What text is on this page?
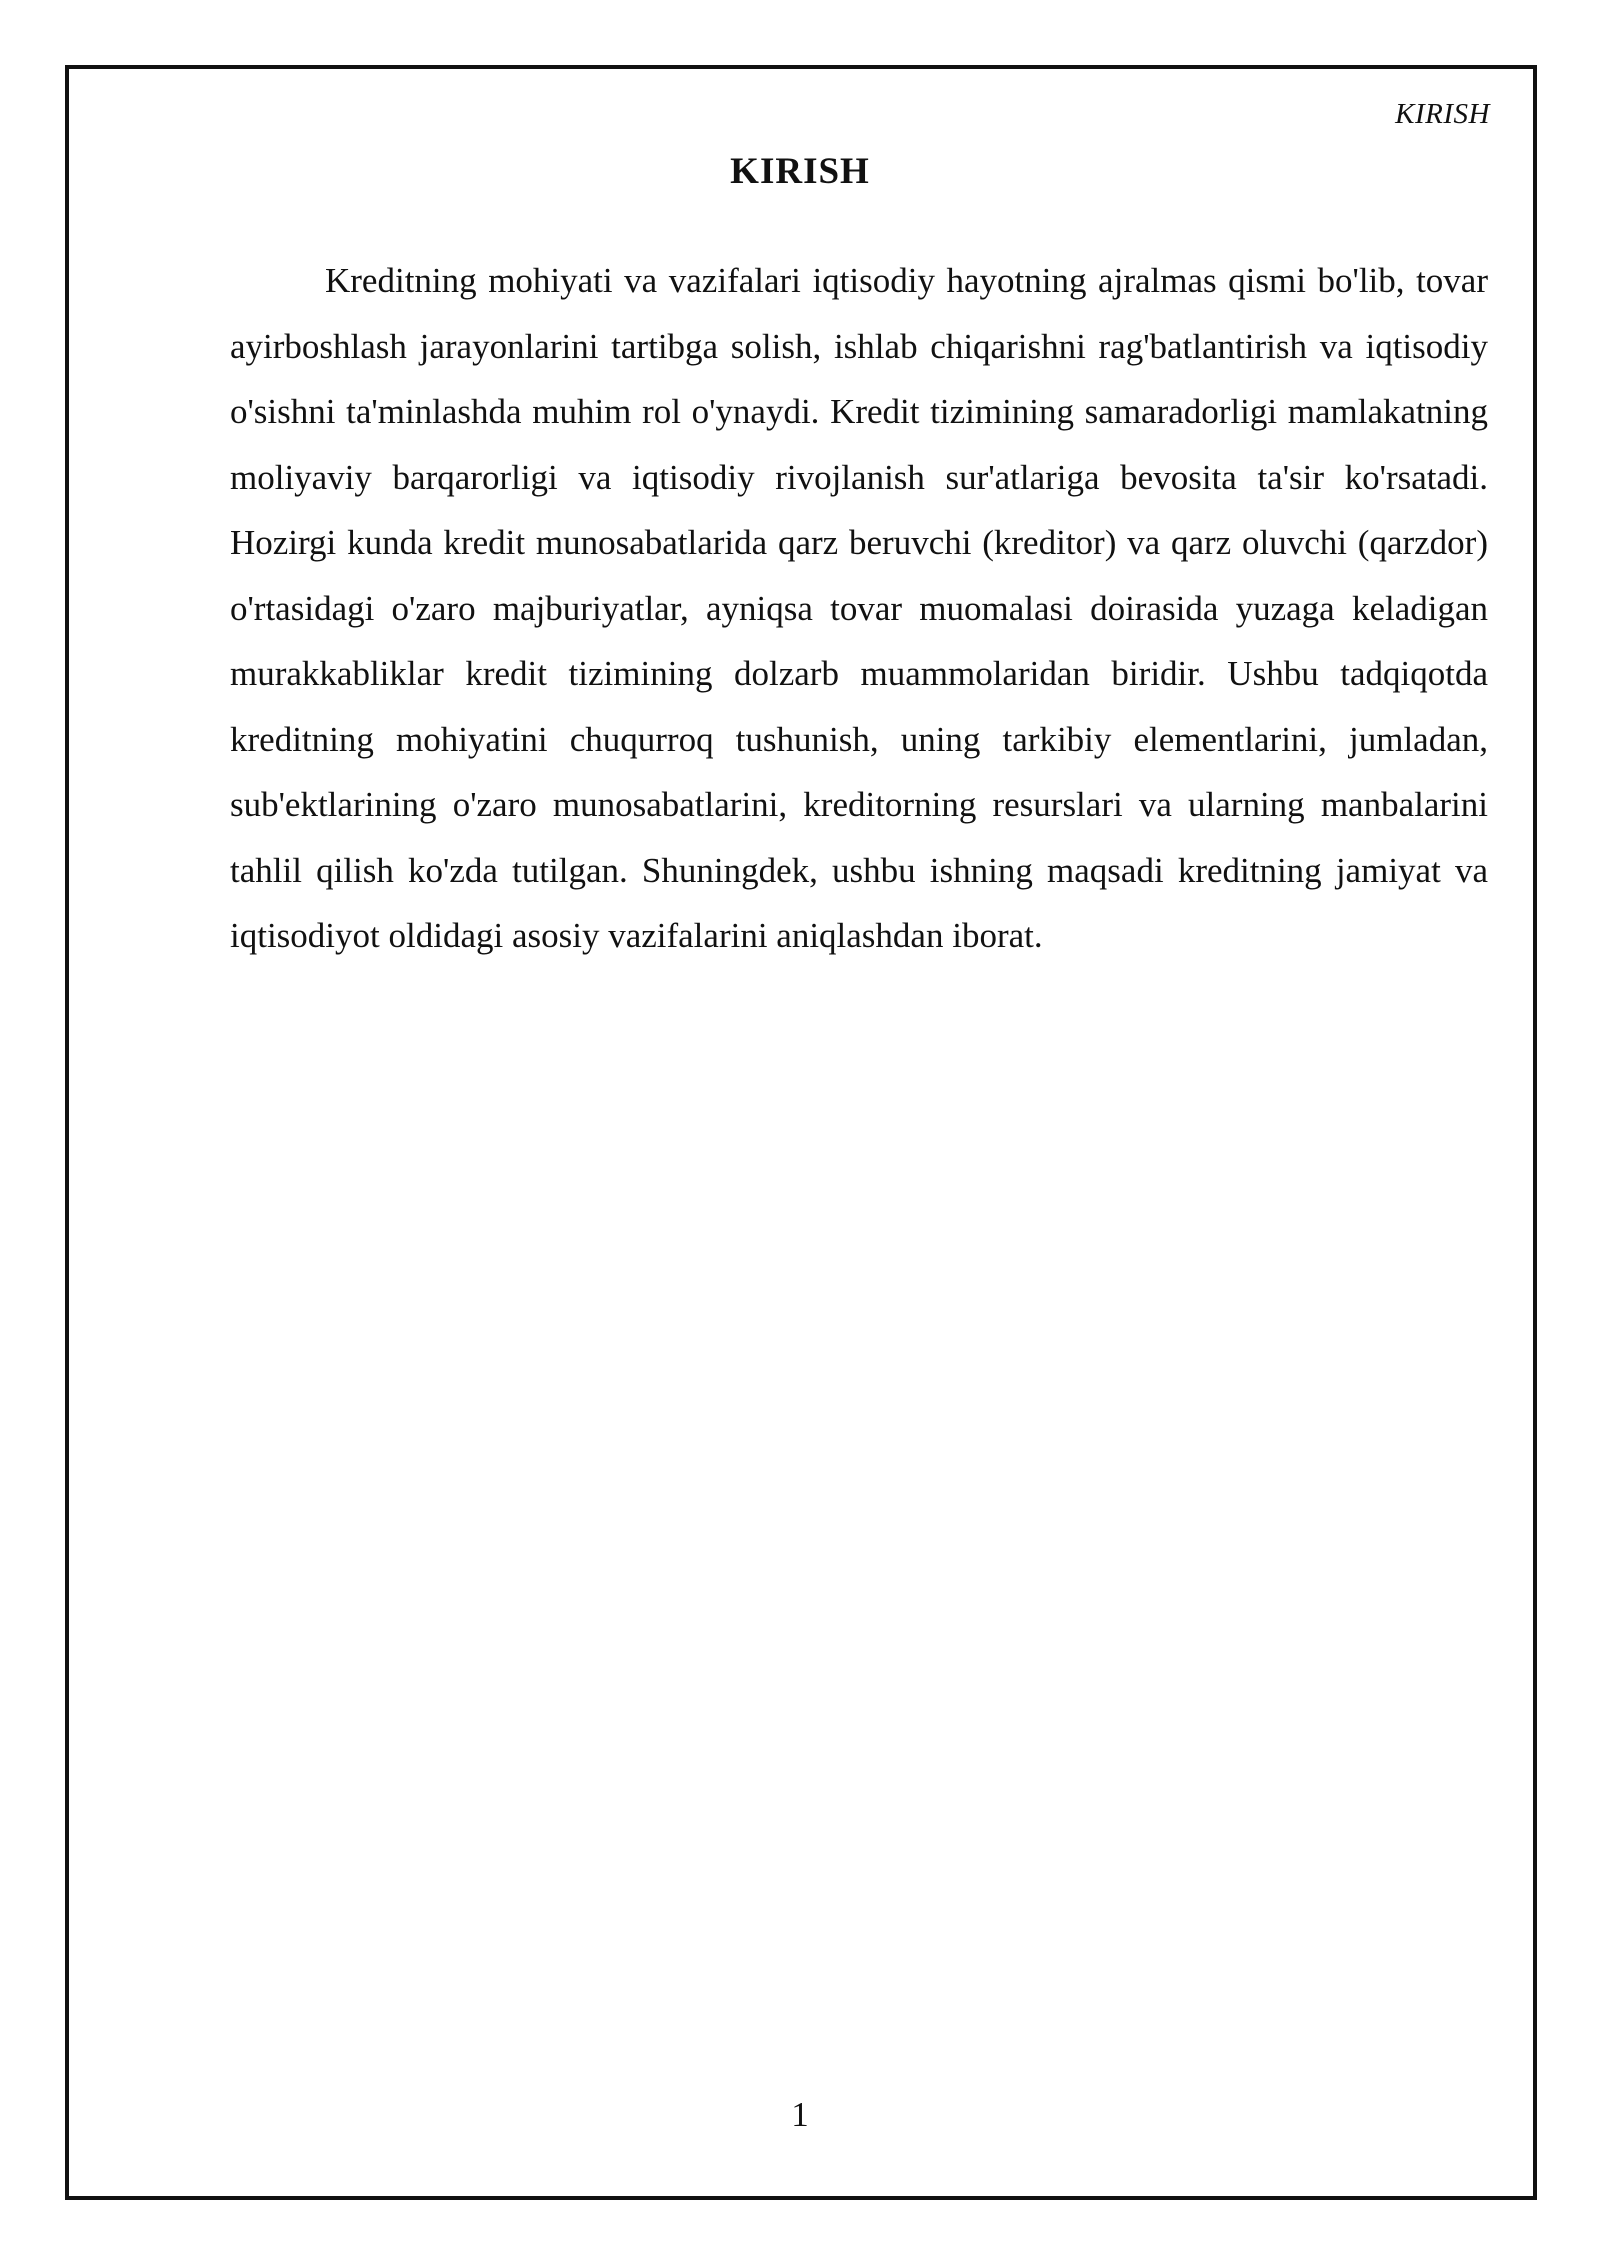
KIRISH
KIRISH

Kreditning mohiyati va vazifalari iqtisodiy hayotning ajralmas qismi bo'lib, tovar ayirboshlash jarayonlarini tartibga solish, ishlab chiqarishni rag'batlantirish va iqtisodiy o'sishni ta'minlashda muhim rol o'ynaydi. Kredit tizimining samaradorligi mamlakatning moliyaviy barqarorligi va iqtisodiy rivojlanish sur'atlariga bevosita ta'sir ko'rsatadi. Hozirgi kunda kredit munosabatlarida qarz beruvchi (kreditor) va qarz oluvchi (qarzdor) o'rtasidagi o'zaro majburiyatlar, ayniqsa tovar muomalasi doirasida yuzaga keladigan murakkabliklar kredit tizimining dolzarb muammolaridan biridir. Ushbu tadqiqotda kreditning mohiyatini chuqurroq tushunish, uning tarkibiy elementlarini, jumladan, sub'ektlarining o'zaro munosabatlarini, kreditorning resurslari va ularning manbalarini tahlil qilish ko'zda tutilgan. Shuningdek, ushbu ishning maqsadi kreditning jamiyat va iqtisodiyot oldidagi asosiy vazifalarini aniqlashdan iborat.

1
